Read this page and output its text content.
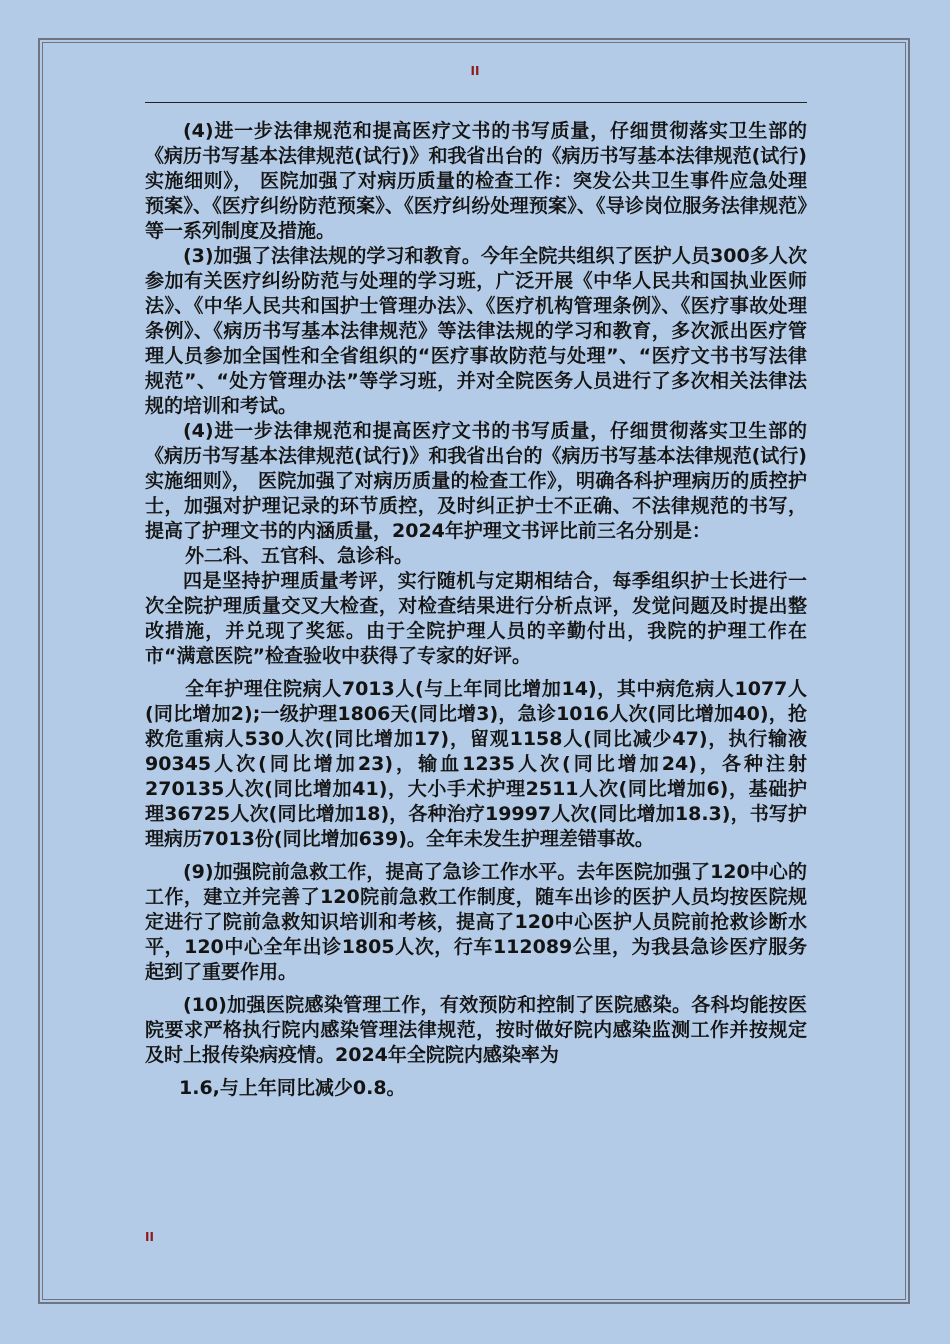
II

(4)进一步法律规范和提高医疗文书的书写质量，仔细贯彻落实卫生部的《病历书写基本法律规范(试行)》和我省出台的《病历书写基本法律规范(试行)实施细则》， 医院加强了对病历质量的检查工作：突发公共卫生事件应急处理预案》、《医疗纠纷防范预案》、《医疗纠纷处理预案》、《导诊岗位服务法律规范》等一系列制度及措施。

(3)加强了法律法规的学习和教育。今年全院共组织了医护人员300多人次参加有关医疗纠纷防范与处理的学习班，广泛开展《中华人民共和国执业医师法》、《中华人民共和国护士管理办法》、《医疗机构管理条例》、《医疗事故处理条例》、《病历书写基本法律规范》等法律法规的学习和教育，多次派出医疗管理人员参加全国性和全省组织的“医疗事故防范与处理”、“医疗文书书写法律规范”、“处方管理办法”等学习班，并对全院医务人员进行了多次相关法律法规的培训和考试。

(4)进一步法律规范和提高医疗文书的书写质量，仔细贯彻落实卫生部的《病历书写基本法律规范(试行)》和我省出台的《病历书写基本法律规范(试行)实施细则》， 医院加强了对病历质量的检查工作》，明确各科护理病历的质控护士，加强对护理记录的环节质控，及时纠正护士不正确、不法律规范的书写，提高了护理文书的内涵质量，2024年护理文书评比前三名分别是：

外二科、五官科、急诊科。

四是坚持护理质量考评，实行随机与定期相结合，每季组织护士长进行一次全院护理质量交叉大检查，对检查结果进行分析点评，发觉问题及时提出整改措施，并兑现了奖惩。由于全院护理人员的辛勤付出，我院的护理工作在市“满意医院”检查验收中获得了专家的好评。

全年护理住院病人7013人(与上年同比增加14)，其中病危病人1077人(同比增加2);一级护理1806天(同比增3)，急诊1016人次(同比增加40)，抢救危重病人530人次(同比增加17)，留观1158人(同比减少47)，执行输液90345人次(同比增加23)，输血1235人次(同比增加24)，各种注射270135人次(同比增加41)，大小手术护理2511人次(同比增加6)，基础护理36725人次(同比增加18)，各种治疗19997人次(同比增加18.3)，书写护理病历7013份(同比增加639)。全年未发生护理差错事故。

(9)加强院前急救工作，提高了急诊工作水平。去年医院加强了120中心的工作，建立并完善了120院前急救工作制度，随车出诊的医护人员均按医院规定进行了院前急救知识培训和考核，提高了120中心医护人员院前抢救诊断水平，120中心全年出诊1805人次，行车112089公里，为我县急诊医疗服务起到了重要作用。

(10)加强医院感染管理工作，有效预防和控制了医院感染。各科均能按医院要求严格执行院内感染管理法律规范，按时做好院内感染监测工作并按规定及时上报传染病疫情。2024年全院院内感染率为

1.6,与上年同比减少0.8。

II
